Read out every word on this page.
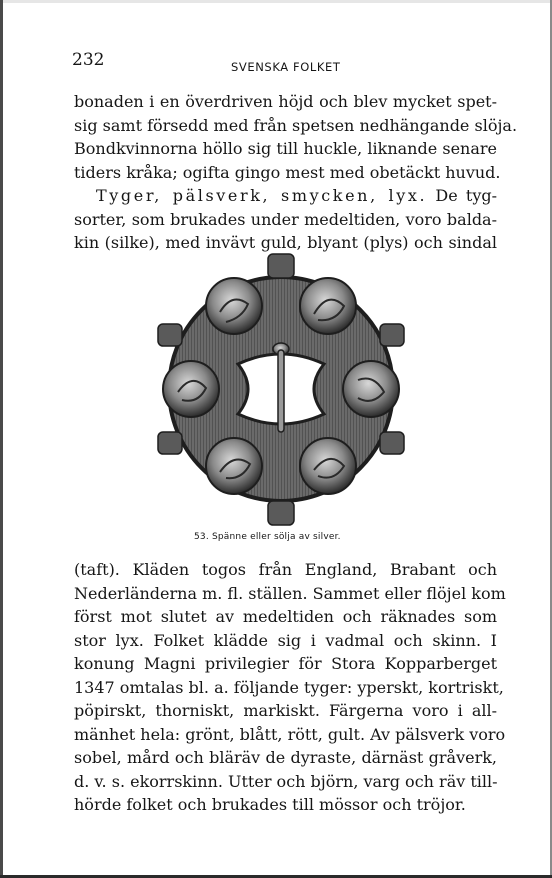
232	SVENSKA FOLKET
bonaden i en överdriven höjd och blev mycket spet-
sig samt försedd med från spetsen nedhängande slöja.
Bondkvinnorna höllo sig till huckle, liknande senare
tiders kråka; ogifta gingo mest med obetäckt huvud.
Tyger, pälsverk, smycken, lyx. De tyg-
sorter, som brukades under medeltiden, voro balda-
kin (silke), med invävt guld, blyant (plys) och sindal
53. Spänne eller sölja av silver.
(taft). Kläden togos från England, Brabant och
Nederländerna m. fl. ställen. Sammet eller flöjel kom
först mot slutet av medeltiden och räknades som
stor lyx. Folket klädde sig i vadmal och skinn. I
konung Magni privilegier för Stora Kopparberget
1347 omtalas bl. a. följande tyger: yperskt, kortriskt,
pöpirskt, thorniskt, markiskt. Färgerna voro i all-
mänhet hela: grönt, blått, rött, gult. Av pälsverk voro
sobel, mård och bläräv de dyraste, därnäst gråverk,
d. v. s. ekorrskinn. Utter och björn, varg och räv till-
hörde folket och brukades till mössor och tröjor.
